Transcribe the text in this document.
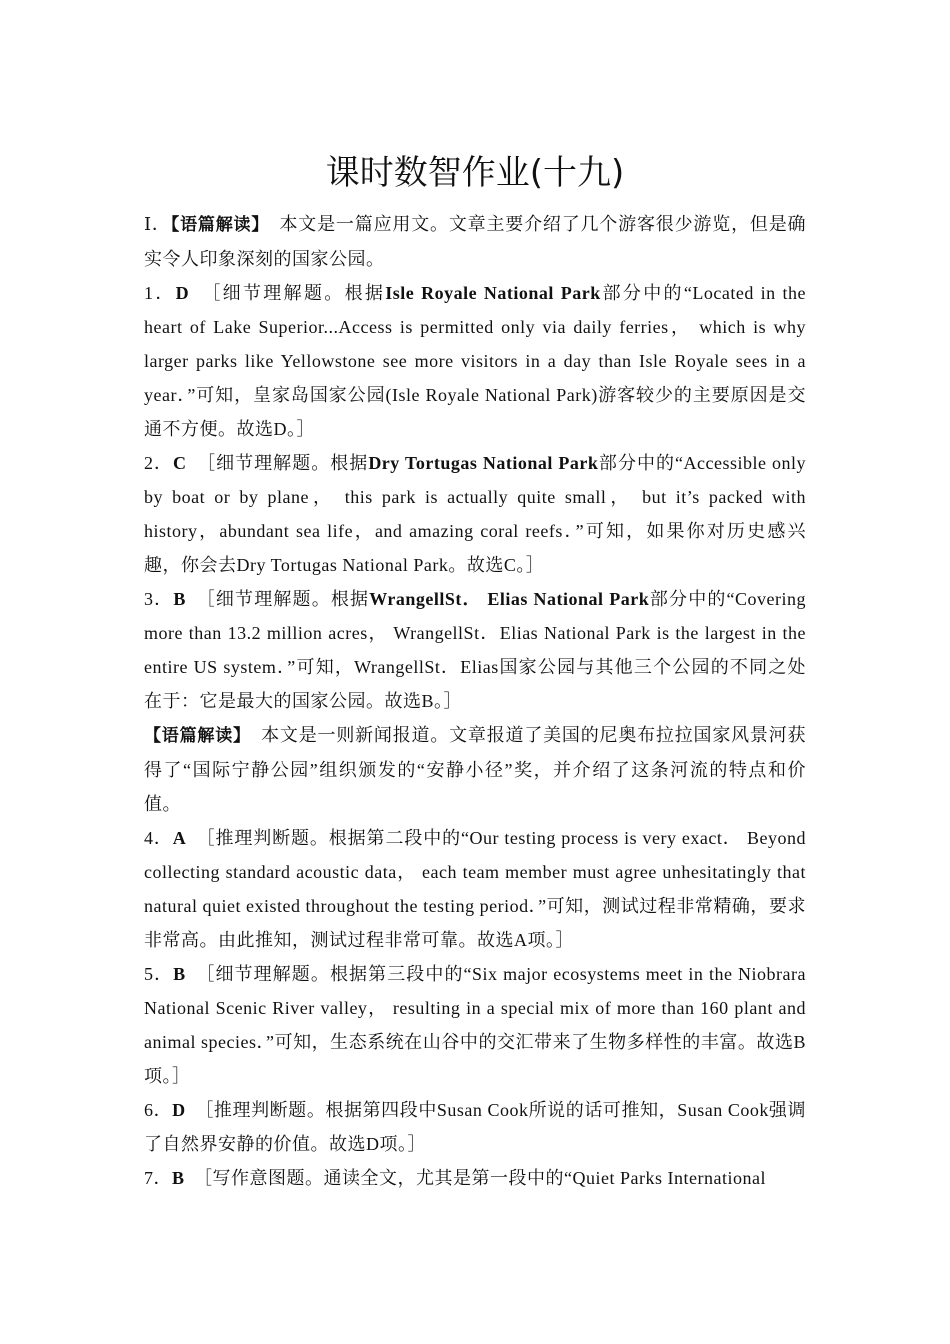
课时数智作业(十九)

Ⅰ．【语篇解读】　 本文是一篇应用文。文章主要介绍了几个游客很少游览，但是确实令人印象深刻的国家公园。

1．D　 ［细节理解题。根据Isle Royale National Park部分中的“Located in the heart of Lake Superior...Access is permitted only via daily ferries， which is why larger parks like Yellowstone see more visitors in a day than Isle Royale sees in a year．”可知，皇家岛国家公园(Isle Royale National Park)游客较少的主要原因是交通不方便。故选D。］

2．C　 ［细节理解题。根据Dry Tortugas National Park部分中的“Accessible only by boat or by plane， this park is actually quite small， but it’s packed with history，abundant sea life，and amazing coral reefs．”可知，如果你对历史感兴趣，你会去Dry Tortugas National Park。故选C。］

3．B　 ［细节理解题。根据WrangellSt． Elias National Park部分中的“Covering more than 13.2 million acres， WrangellSt．Elias National Park is the largest in the entire US system．”可知，WrangellSt．Elias国家公园与其他三个公园的不同之处在于：它是最大的国家公园。故选B。］

【语篇解读】　 本文是一则新闻报道。文章报道了美国的尼奥布拉拉国家风景河获得了“国际宁静公园”组织颁发的“安静小径”奖，并介绍了这条河流的特点和价值。

4．A　 ［推理判断题。根据第二段中的“Our testing process is very exact． Beyond collecting standard acoustic data， each team member must agree unhesitatingly that natural quiet existed throughout the testing period．”可知，测试过程非常精确，要求非常高。由此推知，测试过程非常可靠。故选A项。］

5．B　 ［细节理解题。根据第三段中的“Six major ecosystems meet in the Niobrara National Scenic River valley， resulting in a special mix of more than 160 plant and animal species．”可知，生态系统在山谷中的交汇带来了生物多样性的丰富。故选B项。］

6．D　 ［推理判断题。根据第四段中Susan Cook所说的话可推知，Susan Cook强调了自然界安静的价值。故选D项。］

7．B　 ［写作意图题。通读全文，尤其是第一段中的“Quiet Parks International
